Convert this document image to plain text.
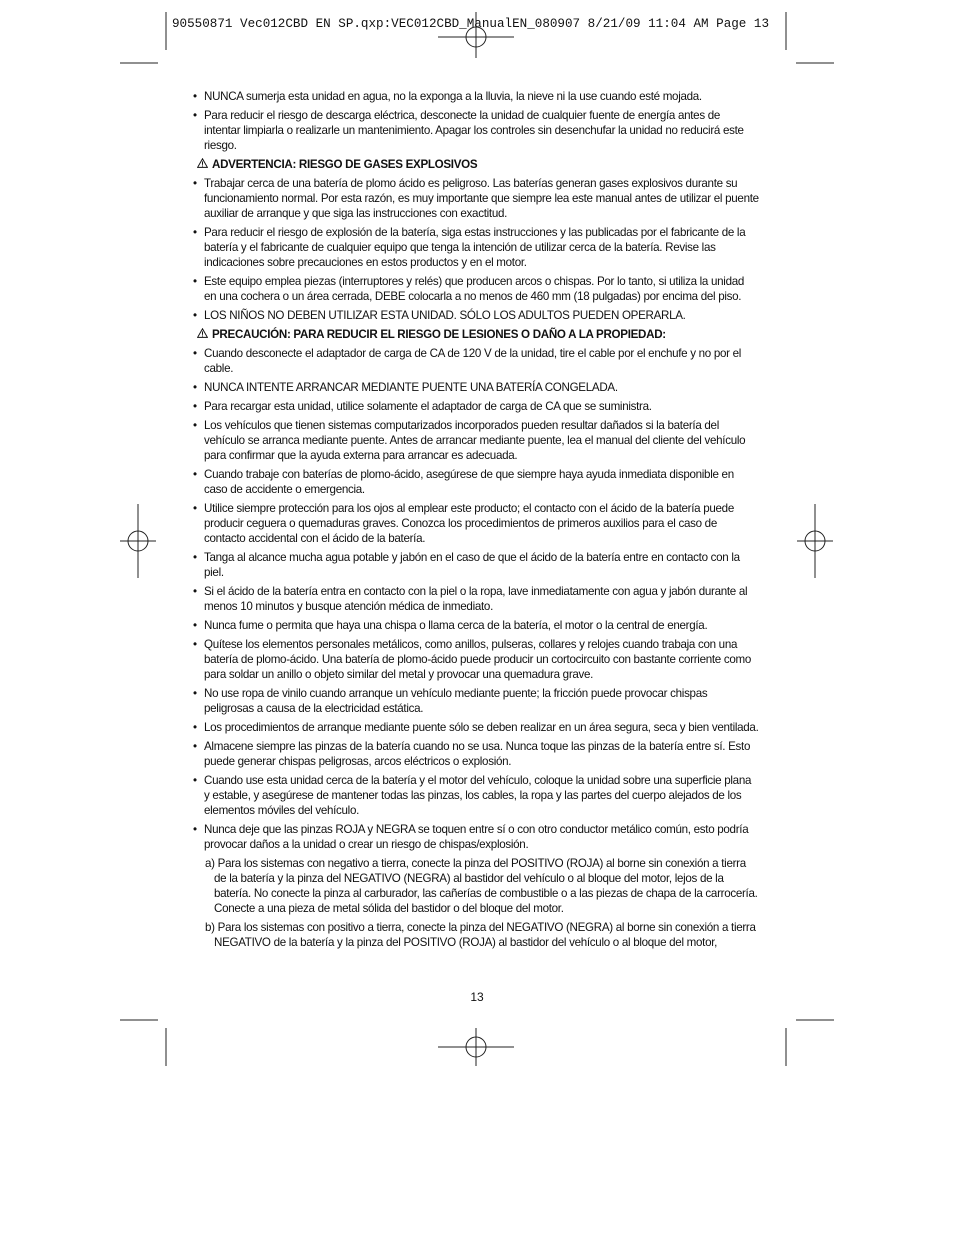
90550871 Vec012CBD EN SP.qxp:VEC012CBD_ManualEN_080907 8/21/09 11:04 AM Page 13
• NUNCA sumerja esta unidad en agua, no la exponga a la lluvia, la nieve ni la use cuando esté mojada.
• Para reducir el riesgo de descarga eléctrica, desconecte la unidad de cualquier fuente de energía antes de intentar limpiarla o realizarle un mantenimiento. Apagar los controles sin desenchufar la unidad no reducirá este riesgo.
ADVERTENCIA: RIESGO DE GASES EXPLOSIVOS
• Trabajar cerca de una batería de plomo ácido es peligroso. Las baterías generan gases explosivos durante su funcionamiento normal. Por esta razón, es muy importante que siempre lea este manual antes de utilizar el puente auxiliar de arranque y que siga las instrucciones con exactitud.
• Para reducir el riesgo de explosión de la batería, siga estas instrucciones y las publicadas por el fabricante de la batería y el fabricante de cualquier equipo que tenga la intención de utilizar cerca de la batería. Revise las indicaciones sobre precauciones en estos productos y en el motor.
• Este equipo emplea piezas (interruptores y relés) que producen arcos o chispas. Por lo tanto, si utiliza la unidad en una cochera o un área cerrada, DEBE colocarla a no menos de 460 mm (18 pulgadas) por encima del piso.
• LOS NIÑOS NO DEBEN UTILIZAR ESTA UNIDAD. SÓLO LOS ADULTOS PUEDEN OPERARLA.
PRECAUCIÓN: PARA REDUCIR EL RIESGO DE LESIONES O DAÑO A LA PROPIEDAD:
• Cuando desconecte el adaptador de carga de CA de 120 V de la unidad, tire el cable por el enchufe y no por el cable.
• NUNCA INTENTE ARRANCAR MEDIANTE PUENTE UNA BATERÍA CONGELADA.
• Para recargar esta unidad, utilice solamente el adaptador de carga de CA que se suministra.
• Los vehículos que tienen sistemas computarizados incorporados pueden resultar dañados si la batería del vehículo se arranca mediante puente. Antes de arrancar mediante puente, lea el manual del cliente del vehículo para confirmar que la ayuda externa para arrancar es adecuada.
• Cuando trabaje con baterías de plomo-ácido, asegúrese de que siempre haya ayuda inmediata disponible en caso de accidente o emergencia.
• Utilice siempre protección para los ojos al emplear este producto; el contacto con el ácido de la batería puede producir ceguera o quemaduras graves. Conozca los procedimientos de primeros auxilios para el caso de contacto accidental con el ácido de la batería.
• Tanga al alcance mucha agua potable y jabón en el caso de que el ácido de la batería entre en contacto con la piel.
• Si el ácido de la batería entra en contacto con la piel o la ropa, lave inmediatamente con agua y jabón durante al menos 10 minutos y busque atención médica de inmediato.
• Nunca fume o permita que haya una chispa o llama cerca de la batería, el motor o la central de energía.
• Quítese los elementos personales metálicos, como anillos, pulseras, collares y relojes cuando trabaja con una batería de plomo-ácido. Una batería de plomo-ácido puede producir un cortocircuito con bastante corriente como para soldar un anillo o objeto similar del metal y provocar una quemadura grave.
• No use ropa de vinilo cuando arranque un vehículo mediante puente; la fricción puede provocar chispas peligrosas a causa de la electricidad estática.
• Los procedimientos de arranque mediante puente sólo se deben realizar en un área segura, seca y bien ventilada.
• Almacene siempre las pinzas de la batería cuando no se usa. Nunca toque las pinzas de la batería entre sí. Esto puede generar chispas peligrosas, arcos eléctricos o explosión.
• Cuando use esta unidad cerca de la batería y el motor del vehículo, coloque la unidad sobre una superficie plana y estable, y asegúrese de mantener todas las pinzas, los cables, la ropa y las partes del cuerpo alejados de los elementos móviles del vehículo.
• Nunca deje que las pinzas ROJA y NEGRA se toquen entre sí o con otro conductor metálico común, esto podría provocar daños a la unidad o crear un riesgo de chispas/explosión.
a) Para los sistemas con negativo a tierra, conecte la pinza del POSITIVO (ROJA) al borne sin conexión a tierra de la batería y la pinza del NEGATIVO (NEGRA) al bastidor del vehículo o al bloque del motor, lejos de la batería. No conecte la pinza al carburador, las cañerías de combustible o a las piezas de chapa de la carrocería. Conecte a una pieza de metal sólida del bastidor o del bloque del motor.
b) Para los sistemas con positivo a tierra, conecte la pinza del NEGATIVO (NEGRA) al borne sin conexión a tierra NEGATIVO de la batería y la pinza del POSITIVO (ROJA) al bastidor del vehículo o al bloque del motor,
13
